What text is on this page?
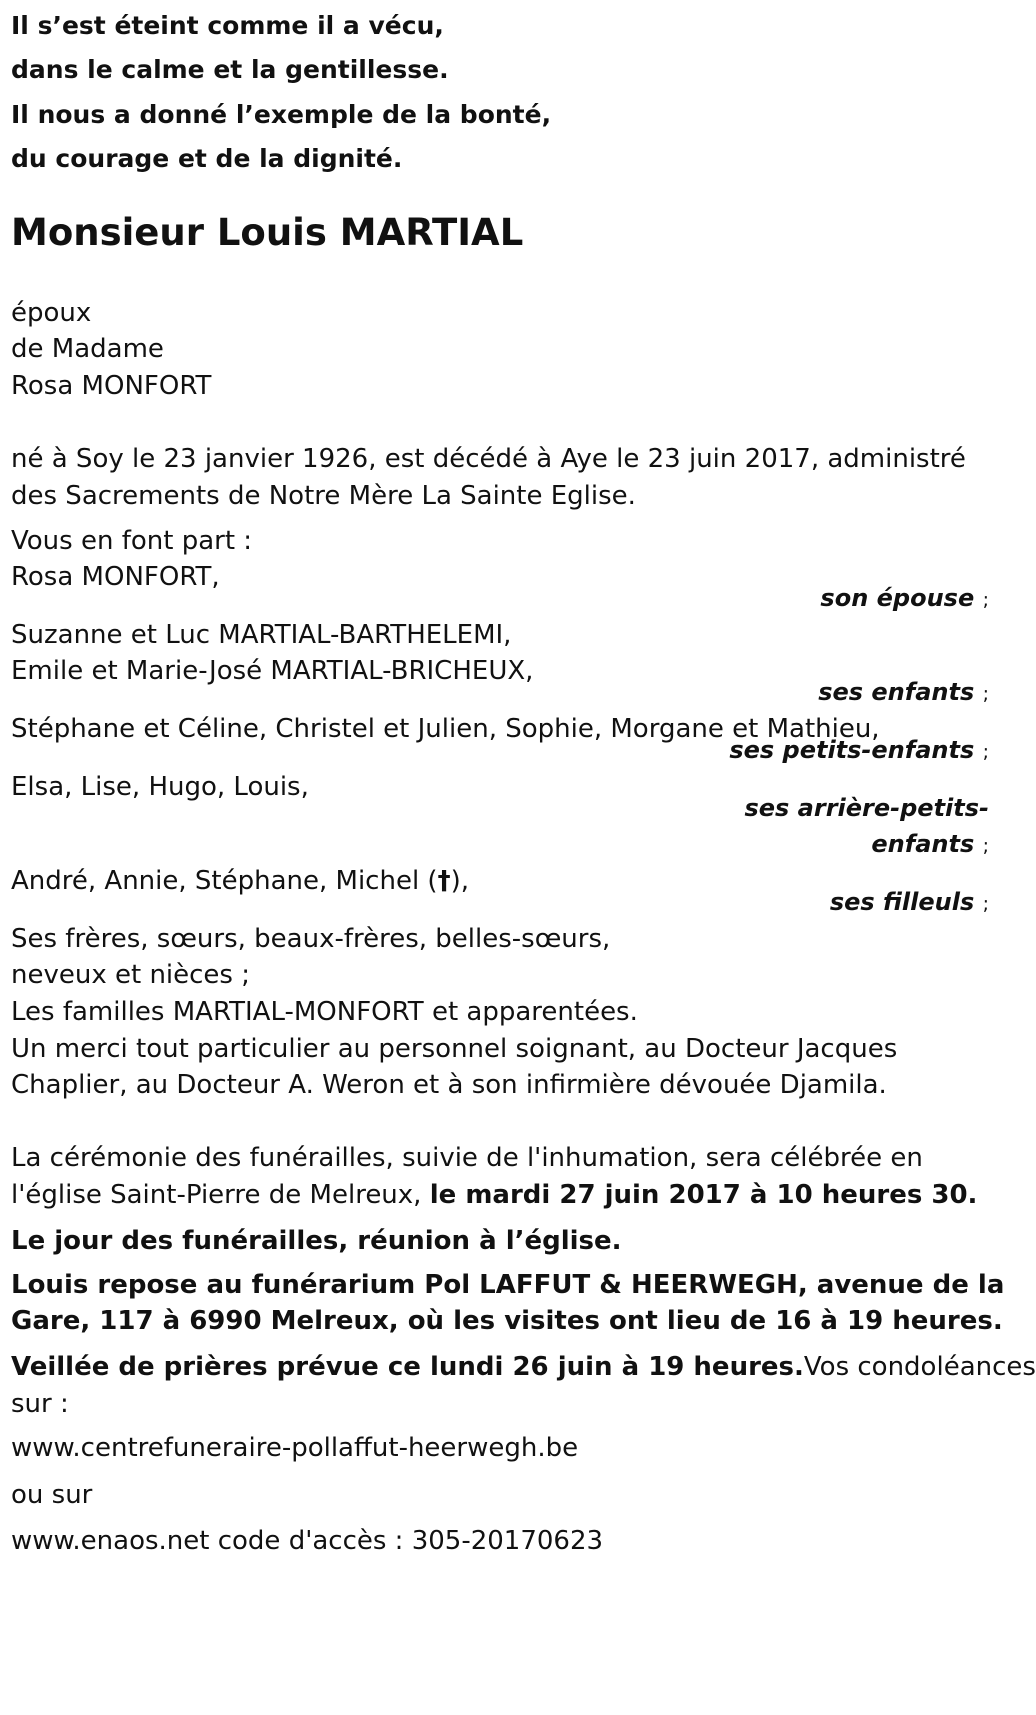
Il s’est éteint comme il a vécu,
dans le calme et la gentillesse.
Il nous a donné l’exemple de la bonté,
du courage et de la dignité.
Monsieur Louis MARTIAL
époux
de Madame
Rosa MONFORT
né à Soy le 23 janvier 1926, est décédé à Aye le 23 juin 2017, administré
des Sacrements de Notre Mère La Sainte Eglise.
Vous en font part :
Rosa MONFORT,
son épouse ;
Suzanne et Luc MARTIAL-BARTHELEMI,
Emile et Marie-José MARTIAL-BRICHEUX,
ses enfants ;
Stéphane et Céline, Christel et Julien, Sophie, Morgane et Mathieu,
ses petits-enfants ;
Elsa, Lise, Hugo, Louis,
ses arrière-petits-
enfants ;
André, Annie, Stéphane, Michel (†),
ses filleuls ;
Ses frères, sœurs, beaux-frères, belles-sœurs,
neveux et nièces ;
Les familles MARTIAL-MONFORT et apparentées.
Un merci tout particulier au personnel soignant, au Docteur Jacques
Chaplier, au Docteur A. Weron et à son infirmière dévouée Djamila.
La cérémonie des funérailles, suivie de l'inhumation, sera célébrée en
l'église Saint-Pierre de Melreux, le mardi 27 juin 2017 à 10 heures 30.
Le jour des funérailles, réunion à l’église.
Louis repose au funérarium Pol LAFFUT & HEERWEGH, avenue de la
Gare, 117 à 6990 Melreux, où les visites ont lieu de 16 à 19 heures.
Veillée de prières prévue ce lundi 26 juin à 19 heures.Vos condoléances
sur :
www.centrefuneraire-pollaffut-heerwegh.be
ou sur
www.enaos.net code d'accès : 305-20170623
